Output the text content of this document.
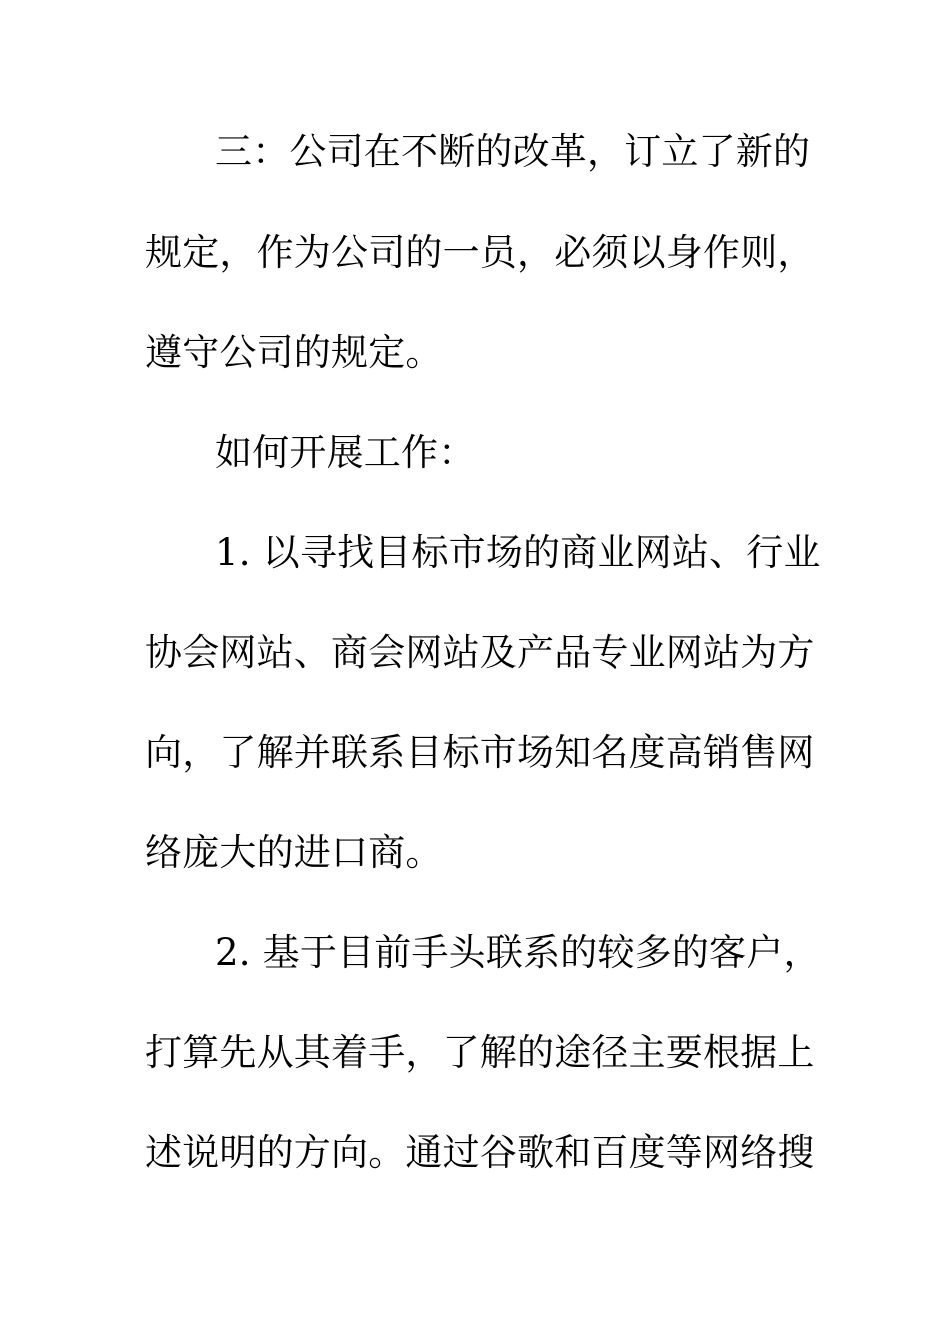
三：公司在不断的改革，订立了新的
规定，作为公司的一员，必须以身作则，
遵守公司的规定。
如何开展工作：
1. 以寻找目标市场的商业网站、行业
协会网站、商会网站及产品专业网站为方
向，了解并联系目标市场知名度高销售网
络庞大的进口商。
2. 基于目前手头联系的较多的客户，
打算先从其着手，了解的途径主要根据上
述说明的方向。通过谷歌和百度等网络搜
